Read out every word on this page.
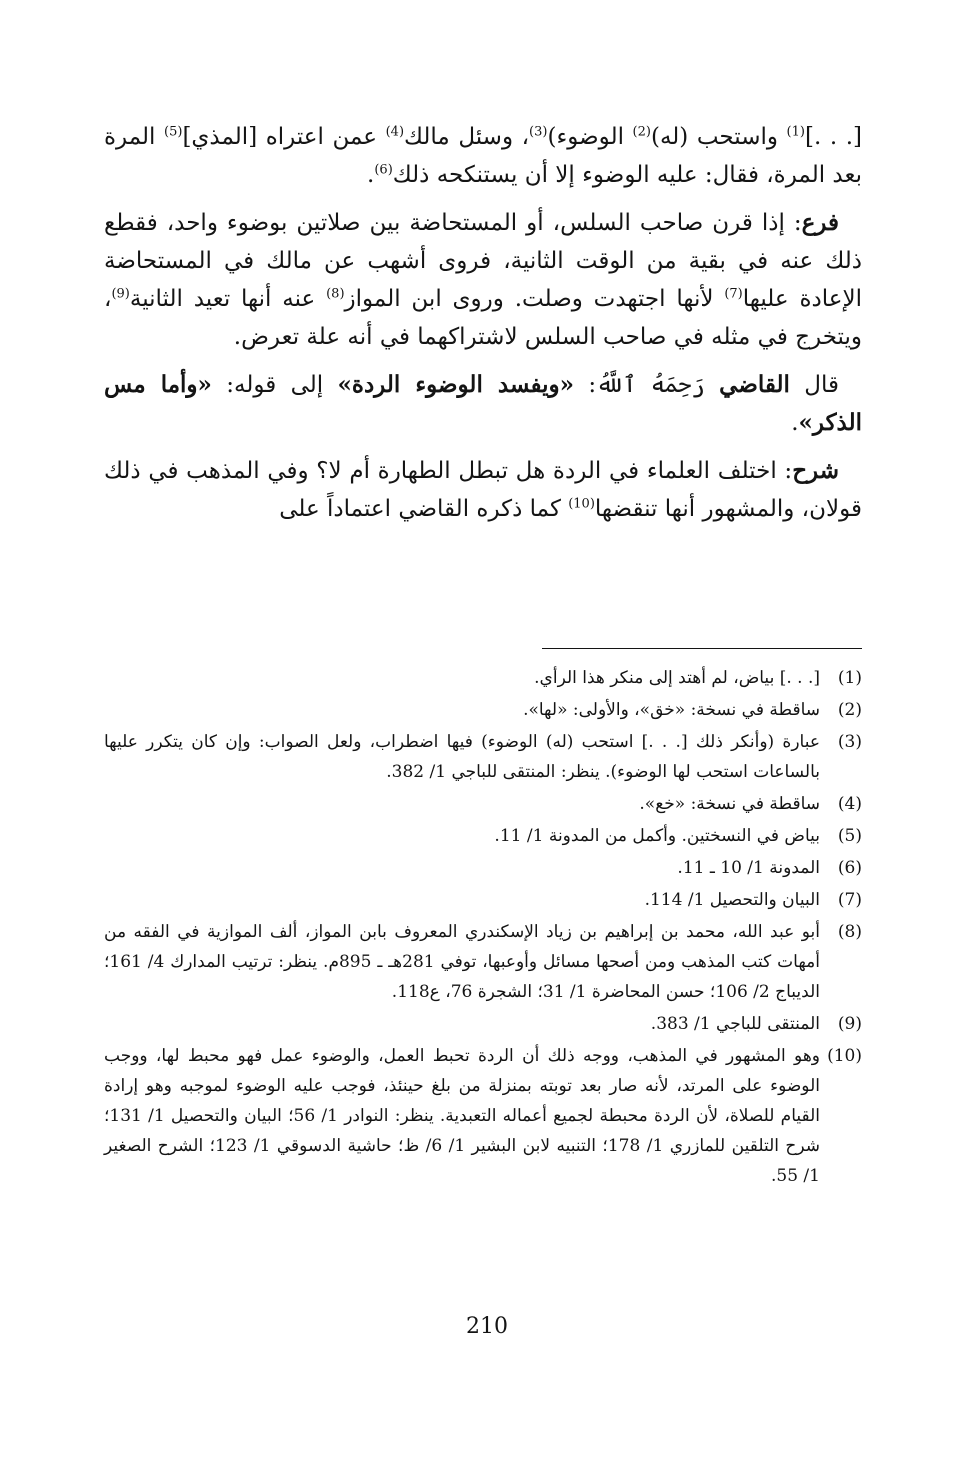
[. . .]$^{(1)}$ واستحب (له)$^{(2)}$ الوضوء)$^{(3)}$، وسئل مالك$^{(4)}$ عمن اعتراه [المذي]$^{(5)}$ المرة بعد المرة، فقال: عليه الوضوء إلا أن يستنكحه ذلك$^{(6)}$.

 فرع: إذا قرن صاحب السلس، أو المستحاضة بين صلاتين بوضوء واحد، فقطع ذلك عنه في بقية من الوقت الثانية، فروى أشهب عن مالك في المستحاضة الإعادة عليها$^{(7)}$ لأنها اجتهدت وصلت. وروى ابن المواز$^{(8)}$ عنه أنها تعيد الثانية$^{(9)}$، ويتخرج في مثله في صاحب السلس لاشتراكهما في أنه علة تعرض.

 قال القاضي رَحِمَهُ ٱللَّهُ: «ويفسد الوضوء الردة» إلى قوله: «وأما مس الذكر».

 شرح: اختلف العلماء في الردة هل تبطل الطهارة أم لا؟ وفي المذهب في ذلك قولان، والمشهور أنها تنقضها$^{(10)}$ كما ذكره القاضي اعتماداً على

(1)
[. . .] بياض، لم أهتد إلى منكر هذا الرأي.
(2)
ساقطة في نسخة: «خق»، والأولى: «لها».
(3)
عبارة (وأنكر ذلك [. . .] استحب (له) الوضوء) فيها اضطراب، ولعل الصواب: وإن كان يتكرر عليها بالساعات استحب لها الوضوء). ينظر: المنتقى للباجي 1/ 382.
(4)
ساقطة في نسخة: «خع».
(5)
بياض في النسختين. وأكمل من المدونة 1/ 11.
(6)
المدونة 1/ 10 ـ 11.
(7)
البيان والتحصيل 1/ 114.
(8)
أبو عبد الله، محمد بن إبراهيم بن زياد الإسكندري المعروف بابن المواز، ألف الموازية في الفقه من أمهات كتب المذهب ومن أصحها مسائل وأوعبها، توفي 281هـ ـ 895م. ينظر: ترتيب المدارك 4/ 161؛ الديباج 2/ 106؛ حسن المحاضرة 1/ 31؛ الشجرة 76، ع118.
(9)
المنتقى للباجي 1/ 383.
(10)
وهو المشهور في المذهب، ووجه ذلك أن الردة تحبط العمل، والوضوء عمل فهو محبط لها، ووجب الوضوء على المرتد، لأنه صار بعد توبته بمنزلة من بلغ حينئذ، فوجب عليه الوضوء لموجبه وهو إرادة القيام للصلاة، لأن الردة محبطة لجميع أعماله التعبدية. ينظر: النوادر 1/ 56؛ البيان والتحصيل 1/ 131؛ شرح التلقين للمازري 1/ 178؛ التنبيه لابن البشير 1/ 6/ ظ؛ حاشية الدسوقي 1/ 123؛ الشرح الصغير 1/ 55.
210
